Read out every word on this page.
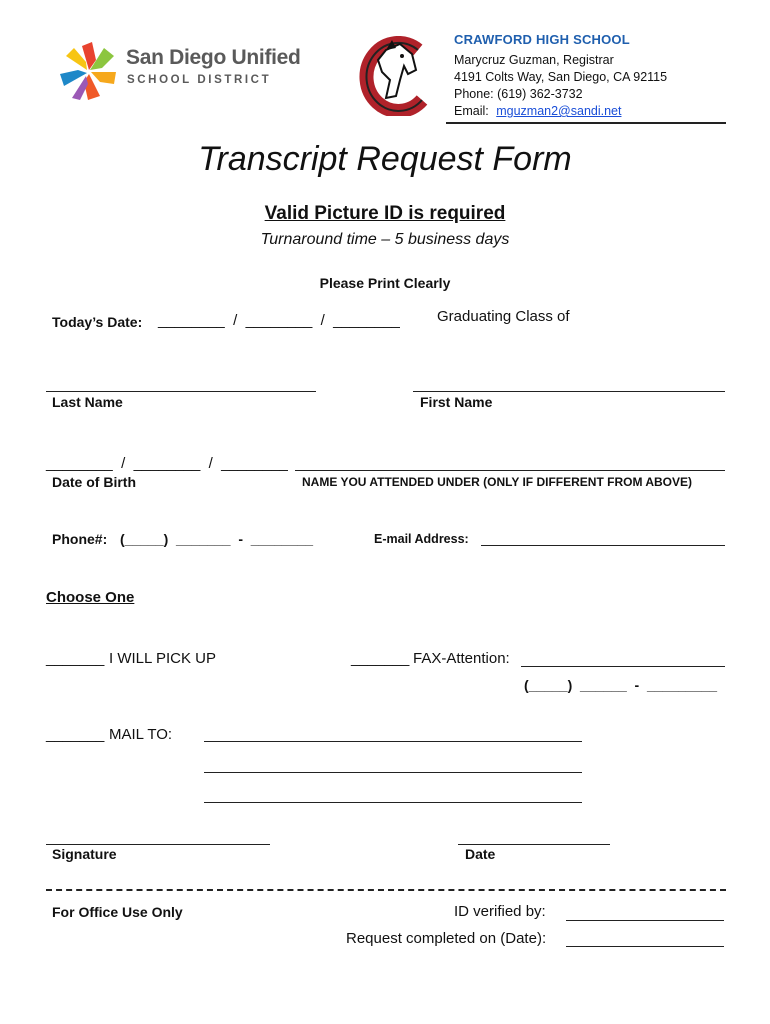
San Diego Unified
SCHOOL DISTRICT
CRAWFORD HIGH SCHOOL
Marycruz Guzman, Registrar
4191 Colts Way, San Diego, CA 92115
Phone: (619) 362-3732
Email: mguzman2@sandi.net
Transcript Request Form
Valid Picture ID is required
Turnaround time – 5 business days
Please Print Clearly
Today’s Date: ________  /  ________  /  ________ Graduating Class of
Last Name	First Name
________  /  ________  /  ________
Date of Birth	NAME YOU ATTENDED UNDER (ONLY IF DIFFERENT FROM ABOVE)
Phone#: (_____)  _______  -  ________	E-mail Address:
Choose One
_______ I WILL PICK UP	_______ FAX-Attention:
(_____)  ______  -  _________
_______ MAIL TO:
Signature	Date
For Office Use Only	ID verified by:
Request completed on (Date):
